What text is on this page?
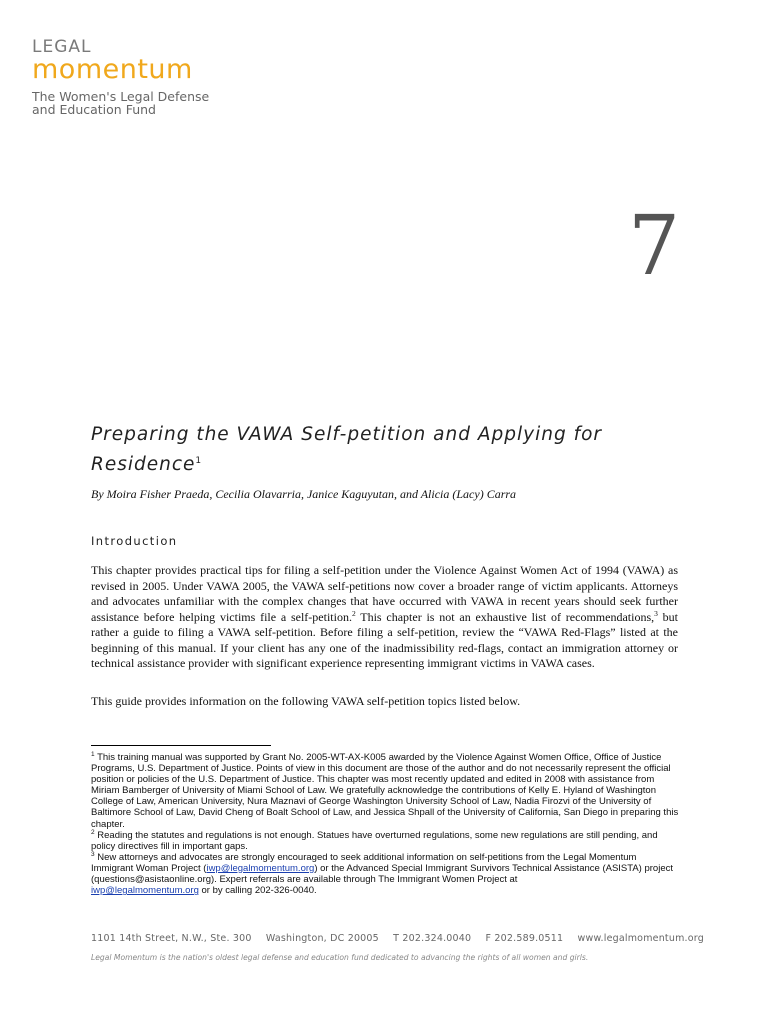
LEGAL
momentum
The Women's Legal Defense and Education Fund
7
Preparing the VAWA Self-petition and Applying for Residence$^1$
By Moira Fisher Praeda, Cecilia Olavarria, Janice Kaguyutan, and Alicia (Lacy) Carra
Introduction
This chapter provides practical tips for filing a self-petition under the Violence Against Women Act of 1994 (VAWA) as revised in 2005. Under VAWA 2005, the VAWA self-petitions now cover a broader range of victim applicants. Attorneys and advocates unfamiliar with the complex changes that have occurred with VAWA in recent years should seek further assistance before helping victims file a self-petition.$^2$ This chapter is not an exhaustive list of recommendations,$^3$ but rather a guide to filing a VAWA self-petition. Before filing a self-petition, review the “VAWA Red-Flags” listed at the beginning of this manual. If your client has any one of the inadmissibility red-flags, contact an immigration attorney or technical assistance provider with significant experience representing immigrant victims in VAWA cases.
This guide provides information on the following VAWA self-petition topics listed below.

$^1$ This training manual was supported by Grant No. 2005-WT-AX-K005 awarded by the Violence Against Women Office, Office of Justice Programs, U.S. Department of Justice. Points of view in this document are those of the author and do not necessarily represent the official position or policies of the U.S. Department of Justice. This chapter was most recently updated and edited in 2008 with assistance from Miriam Bamberger of University of Miami School of Law. We gratefully acknowledge the contributions of Kelly E. Hyland of Washington College of Law, American University, Nura Maznavi of George Washington University School of Law, Nadia Firozvi of the University of Baltimore School of Law, David Cheng of Boalt School of Law, and Jessica Shpall of the University of California, San Diego in preparing this chapter.

$^2$ Reading the statutes and regulations is not enough. Statues have overturned regulations, some new regulations are still pending, and policy directives fill in important gaps.

$^3$ New attorneys and advocates are strongly encouraged to seek additional information on self-petitions from the Legal Momentum Immigrant Woman Project (iwp@legalmomentum.org) or the Advanced Special Immigrant Survivors Technical Assistance (ASISTA) project (questions@asistaonline.org). Expert referrals are available through The Immigrant Women Project at
iwp@legalmomentum.org or by calling 202-326-0040.

1101 14th Street, N.W., Ste. 300 Washington, DC 20005 T 202.324.0040 F 202.589.0511 www.legalmomentum.org
Legal Momentum is the nation's oldest legal defense and education fund dedicated to advancing the rights of all women and girls.
